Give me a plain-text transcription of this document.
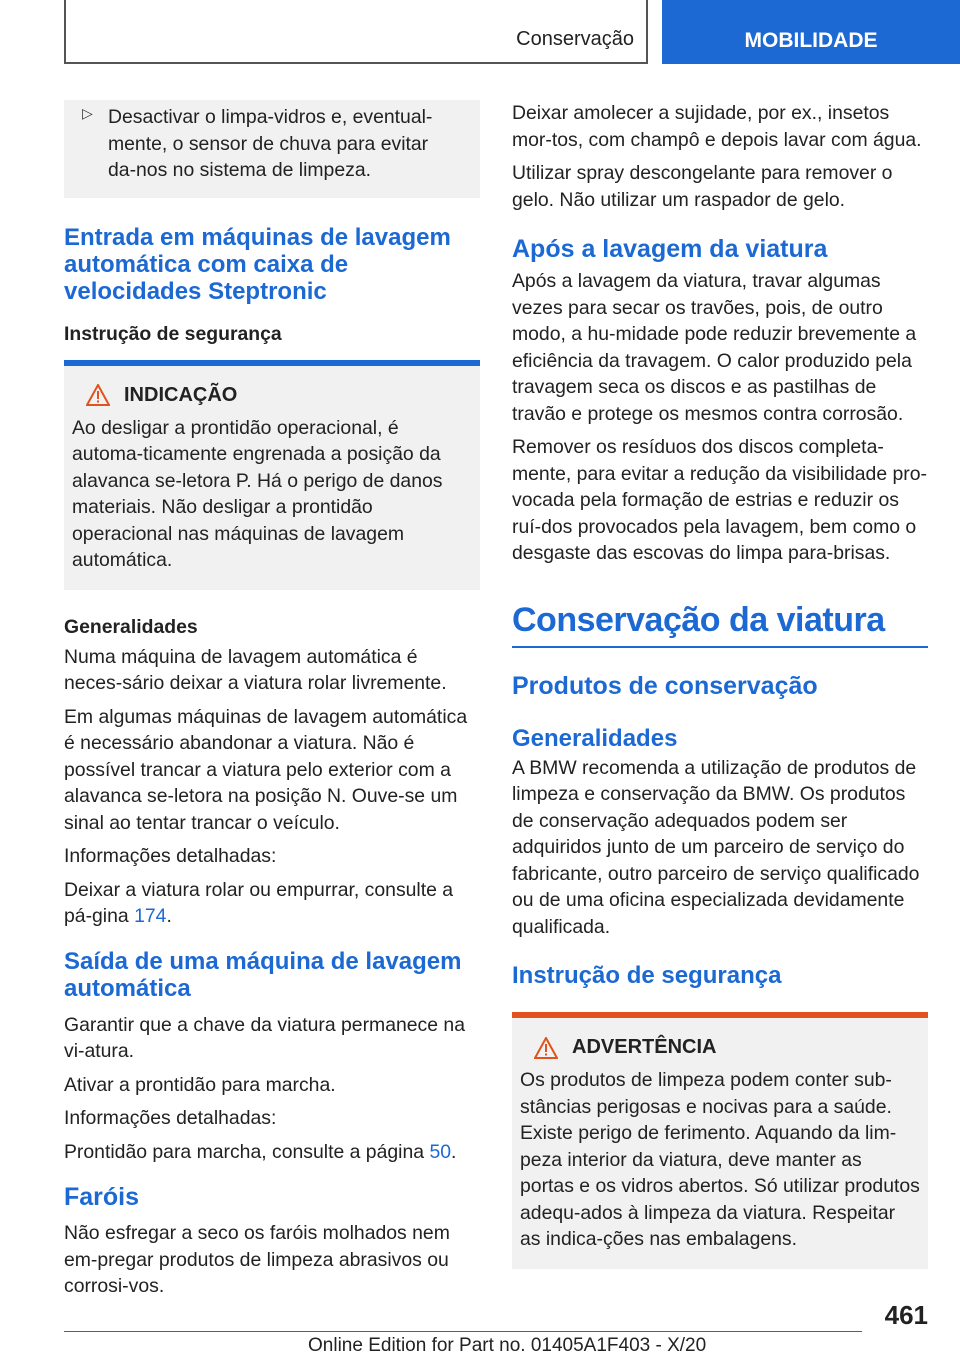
Conservação	MOBILIDADE
▷ Desactivar o limpa-vidros e, eventual-mente, o sensor de chuva para evitar da-nos no sistema de limpeza.

Entrada em máquinas de lavagem automática com caixa de velocidades Steptronic
Instrução de segurança
INDICAÇÃO

Ao desligar a prontidão operacional, é automa-ticamente engrenada a posição da alavanca se-letora P. Há o perigo de danos materiais. Não desligar a prontidão operacional nas máquinas de lavagem automática.

Generalidades

Numa máquina de lavagem automática é neces-sário deixar a viatura rolar livremente.

Em algumas máquinas de lavagem automática é necessário abandonar a viatura. Não é possível trancar a viatura pelo exterior com a alavanca se-letora na posição N. Ouve-se um sinal ao tentar trancar o veículo.

Informações detalhadas:

Deixar a viatura rolar ou empurrar, consulte a pá-gina 174.

Saída de uma máquina de lavagem automática

Garantir que a chave da viatura permanece na vi-atura.

Ativar a prontidão para marcha.

Informações detalhadas:

Prontidão para marcha, consulte a página 50.

Faróis

Não esfregar a seco os faróis molhados nem em-pregar produtos de limpeza abrasivos ou corrosi-vos.

Deixar amolecer a sujidade, por ex., insetos mor-tos, com champô e depois lavar com água.

Utilizar spray descongelante para remover o gelo. Não utilizar um raspador de gelo.

Após a lavagem da viatura

Após a lavagem da viatura, travar algumas vezes para secar os travões, pois, de outro modo, a hu-midade pode reduzir brevemente a eficiência da travagem. O calor produzido pela travagem seca os discos e as pastilhas de travão e protege os mesmos contra corrosão.

Remover os resíduos dos discos completa-mente, para evitar a redução da visibilidade pro-vocada pela formação de estrias e reduzir os ruí-dos provocados pela lavagem, bem como o desgaste das escovas do limpa para-brisas.

Conservação da viatura
Produtos de conservação
Generalidades

A BMW recomenda a utilização de produtos de limpeza e conservação da BMW. Os produtos de conservação adequados podem ser adquiridos junto de um parceiro de serviço do fabricante, outro parceiro de serviço qualificado ou de uma oficina especializada devidamente qualificada.

Instrução de segurança
ADVERTÊNCIA

Os produtos de limpeza podem conter sub-stâncias perigosas e nocivas para a saúde. Existe perigo de ferimento. Aquando da lim-peza interior da viatura, deve manter as portas e os vidros abertos. Só utilizar produtos adequ-ados à limpeza da viatura. Respeitar as indica-ções nas embalagens.

461
Online Edition for Part no. 01405A1F403 - X/20
